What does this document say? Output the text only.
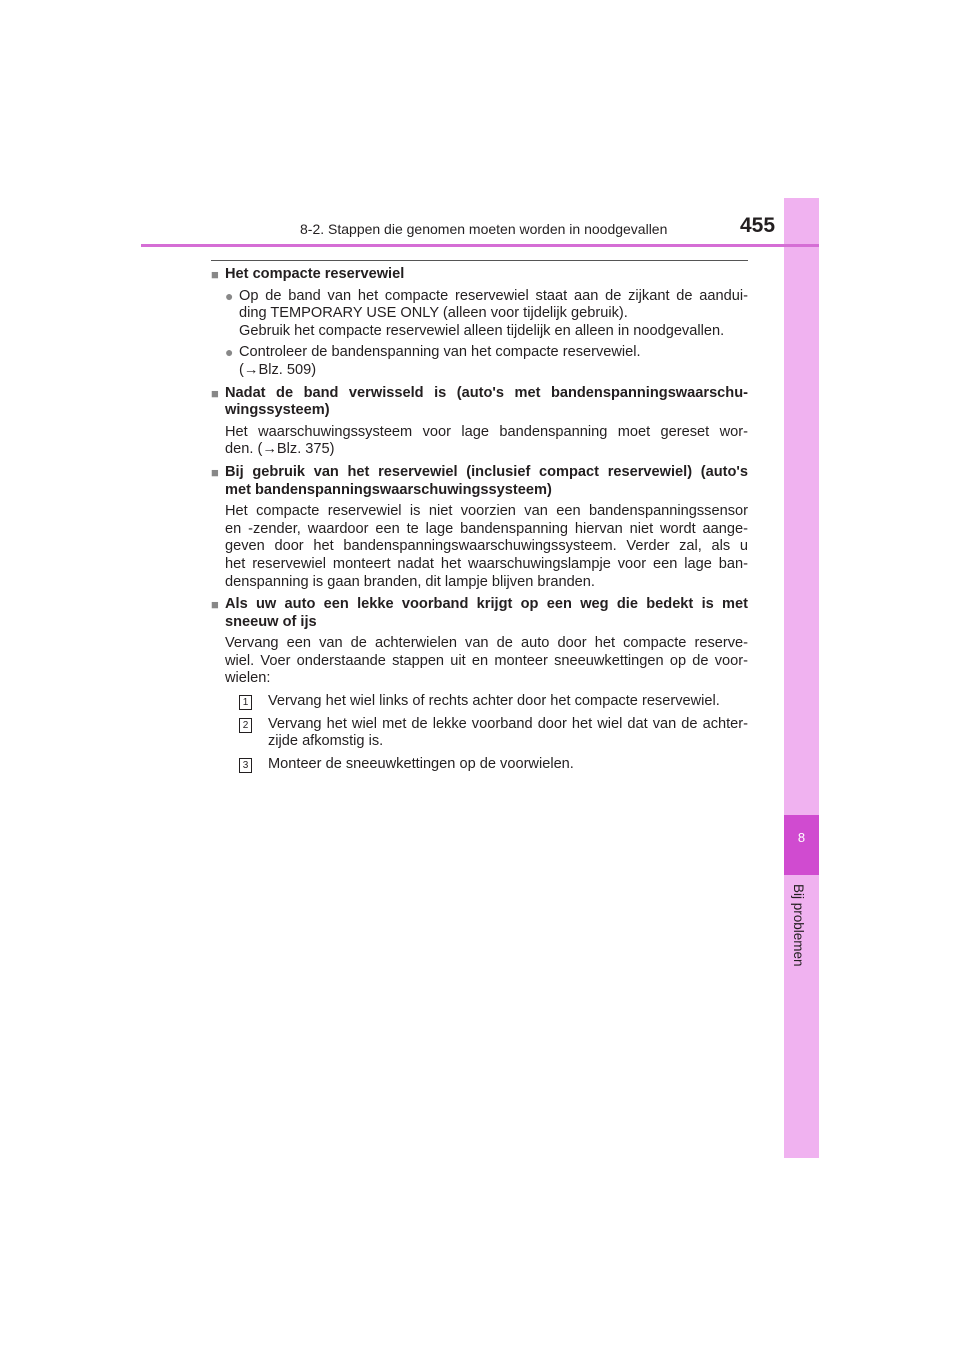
8
Bij problemen
8-2. Stappen die genomen moeten worden in noodgevallen	455
■ Het compacte reservewiel
● Op de band van het compacte reservewiel staat aan de zijkant de aandui-
ding TEMPORARY USE ONLY (alleen voor tijdelijk gebruik).
Gebruik het compacte reservewiel alleen tijdelijk en alleen in noodgevallen.
● Controleer de bandenspanning van het compacte reservewiel.
(→Blz. 509)
■ Nadat de band verwisseld is (auto's met bandenspanningswaarschu-
wingssysteem)
Het waarschuwingssysteem voor lage bandenspanning moet gereset wor-
den. (→Blz. 375)
■ Bij gebruik van het reservewiel (inclusief compact reservewiel) (auto's
met bandenspanningswaarschuwingssysteem)
Het compacte reservewiel is niet voorzien van een bandenspanningssensor
en -zender, waardoor een te lage bandenspanning hiervan niet wordt aange-
geven door het bandenspanningswaarschuwingssysteem. Verder zal, als u
het reservewiel monteert nadat het waarschuwingslampje voor een lage ban-
denspanning is gaan branden, dit lampje blijven branden.
■ Als uw auto een lekke voorband krijgt op een weg die bedekt is met
sneeuw of ijs
Vervang een van de achterwielen van de auto door het compacte reserve-
wiel. Voer onderstaande stappen uit en monteer sneeuwkettingen op de voor-
wielen:
1 Vervang het wiel links of rechts achter door het compacte reservewiel.
2 Vervang het wiel met de lekke voorband door het wiel dat van de achter-
zijde afkomstig is.
3 Monteer de sneeuwkettingen op de voorwielen.
